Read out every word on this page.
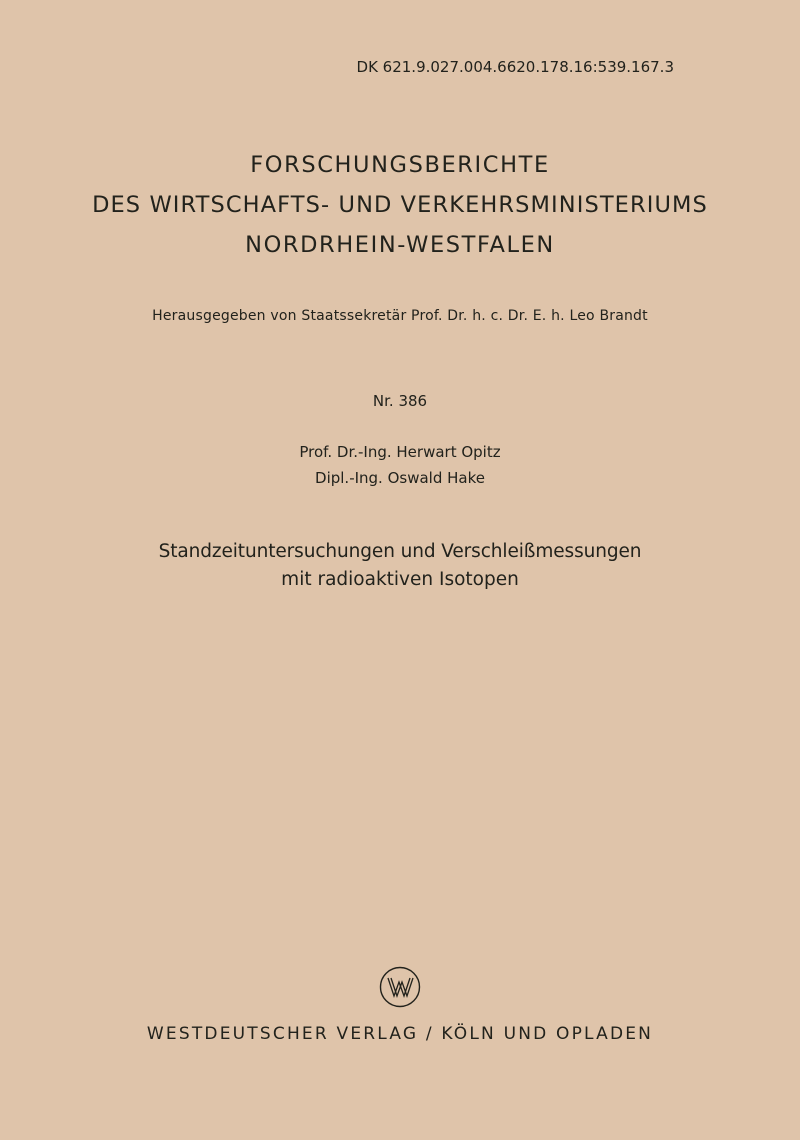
DK 621.9.027.004.6620.178.16:539.167.3
FORSCHUNGSBERICHTE
DES WIRTSCHAFTS- UND VERKEHRSMINISTERIUMS
NORDRHEIN-WESTFALEN
Herausgegeben von Staatssekretär Prof. Dr. h. c. Dr. E. h. Leo Brandt
Nr. 386
Prof. Dr.-Ing. Herwart Opitz
Dipl.-Ing. Oswald Hake
Standzeituntersuchungen und Verschleißmessungen
mit radioaktiven Isotopen
WESTDEUTSCHER VERLAG / KÖLN UND OPLADEN
